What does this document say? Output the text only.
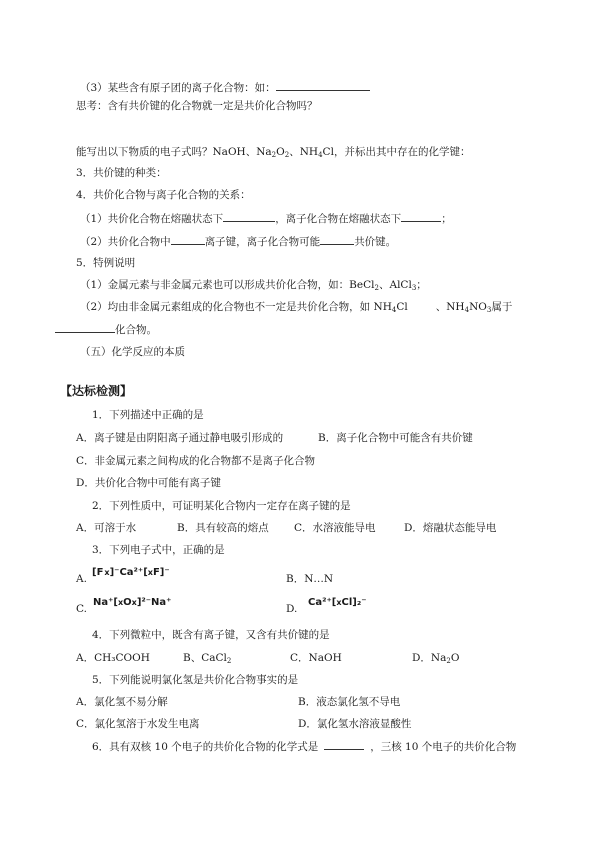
（3）某些含有原子团的离子化合物：如：
思考：含有共价键的化合物就一定是共价化合物吗？
能写出以下物质的电子式吗？NaOH、$Na_2O_2$、$NH_4Cl$，并标出其中存在的化学键：
3．共价键的种类：
4．共价化合物与离子化合物的关系：
（1）共价化合物在熔融状态下	，离子化合物在熔融状态下	；
（2）共价化合物中	离子键，离子化合物可能	共价键。
5．特例说明
（1）金属元素与非金属元素也可以形成共价化合物，如：BeCl$_2$、AlCl$_3$；
（2）均由非金属元素组成的化合物也不一定是共价化合物，如 $NH_4Cl$	、$NH_4NO_3$属于
化合物。
（五）化学反应的本质
【达标检测】
1．下列描述中正确的是
A．离子键是由阴阳离子通过静电吸引形成的	B．离子化合物中可能含有共价键
C．非金属元素之间构成的化合物都不是离子化合物
D．共价化合物中可能有离子键
2．下列性质中，可证明某化合物内一定存在离子键的是
A．可溶于水	B．具有较高的熔点 C．水溶液能导电	D．熔融状态能导电
3．下列电子式中，正确的是
A.
[Fx]⁻Ca²⁺[xF]⁻
B．N…N
C.
Na⁺[xOx]²⁻Na⁺
D.
Ca²⁺[xCl]₂⁻
4．下列微粒中，既含有离子键，又含有共价键的是
A．CH₃COOH	B、CaCl$_2$	C．NaOH	D．$Na_2O$
5．下列能说明氯化氢是共价化合物事实的是
A．氯化氢不易分解	B．液态氯化氢不导电
C．氯化氢溶于水发生电离	D．氯化氢水溶液显酸性
6．具有双核 10 个电子的共价化合物的化学式是	，三核 10 个电子的共价化合物
